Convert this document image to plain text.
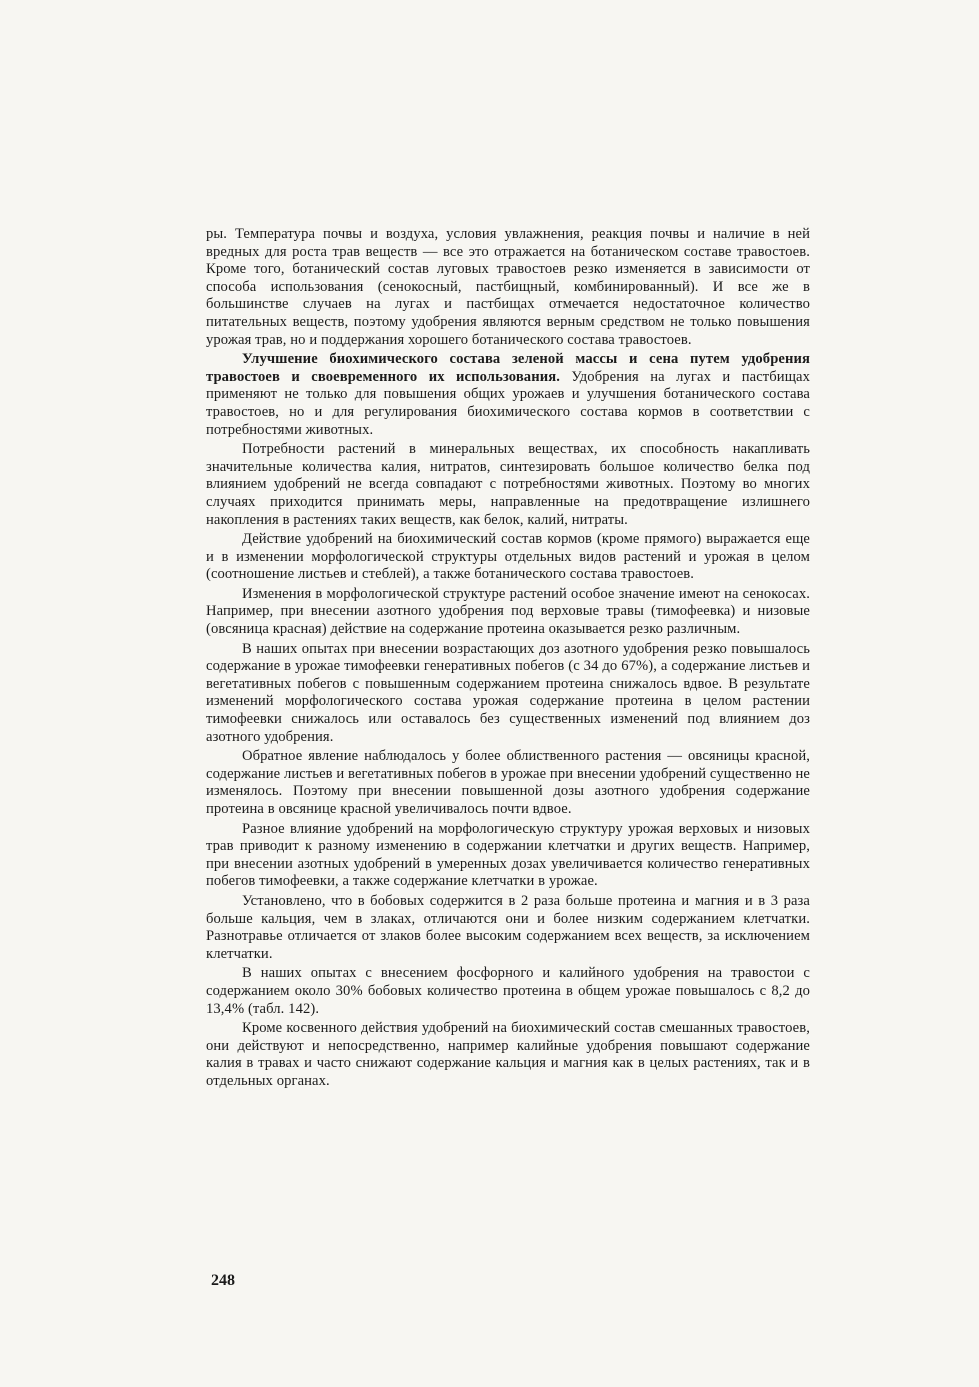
ры. Температура почвы и воздуха, условия увлажнения, реакция почвы и наличие в ней вредных для роста трав веществ — все это отражается на ботаническом составе травостоев. Кроме того, ботанический состав луговых травостоев резко изменяется в зависимости от способа использования (сенокосный, пастбищный, комбинированный). И все же в большинстве случаев на лугах и пастбищах отмечается недостаточное количество питательных веществ, поэтому удобрения являются верным средством не только повышения урожая трав, но и поддержания хорошего ботанического состава травостоев.

Улучшение биохимического состава зеленой массы и сена путем удобрения травостоев и своевременного их использования. Удобрения на лугах и пастбищах применяют не только для повышения общих урожаев и улучшения ботанического состава травостоев, но и для регулирования биохимического состава кормов в соответствии с потребностями животных.

Потребности растений в минеральных веществах, их способность накапливать значительные количества калия, нитратов, синтезировать большое количество белка под влиянием удобрений не всегда совпадают с потребностями животных. Поэтому во многих случаях приходится принимать меры, направленные на предотвращение излишнего накопления в растениях таких веществ, как белок, калий, нитраты.

Действие удобрений на биохимический состав кормов (кроме прямого) выражается еще и в изменении морфологической структуры отдельных видов растений и урожая в целом (соотношение листьев и стеблей), а также ботанического состава травостоев.

Изменения в морфологической структуре растений особое значение имеют на сенокосах. Например, при внесении азотного удобрения под верховые травы (тимофеевка) и низовые (овсяница красная) действие на содержание протеина оказывается резко различным.

В наших опытах при внесении возрастающих доз азотного удобрения резко повышалось содержание в урожае тимофеевки генеративных побегов (с 34 до 67%), а содержание листьев и вегетативных побегов с повышенным содержанием протеина снижалось вдвое. В результате изменений морфологического состава урожая содержание протеина в целом растении тимофеевки снижалось или оставалось без существенных изменений под влиянием доз азотного удобрения.

Обратное явление наблюдалось у более облиственного растения — овсяницы красной, содержание листьев и вегетативных побегов в урожае при внесении удобрений существенно не изменялось. Поэтому при внесении повышенной дозы азотного удобрения содержание протеина в овсянице красной увеличивалось почти вдвое.

Разное влияние удобрений на морфологическую структуру урожая верховых и низовых трав приводит к разному изменению в содержании клетчатки и других веществ. Например, при внесении азотных удобрений в умеренных дозах увеличивается количество генеративных побегов тимофеевки, а также содержание клетчатки в урожае.

Установлено, что в бобовых содержится в 2 раза больше протеина и магния и в 3 раза больше кальция, чем в злаках, отличаются они и более низким содержанием клетчатки. Разнотравье отличается от злаков более высоким содержанием всех веществ, за исключением клетчатки.

В наших опытах с внесением фосфорного и калийного удобрения на травостои с содержанием около 30% бобовых количество протеина в общем урожае повышалось с 8,2 до 13,4% (табл. 142).

Кроме косвенного действия удобрений на биохимический состав смешанных травостоев, они действуют и непосредственно, например калийные удобрения повышают содержание калия в травах и часто снижают содержание кальция и магния как в целых растениях, так и в отдельных органах.

248
